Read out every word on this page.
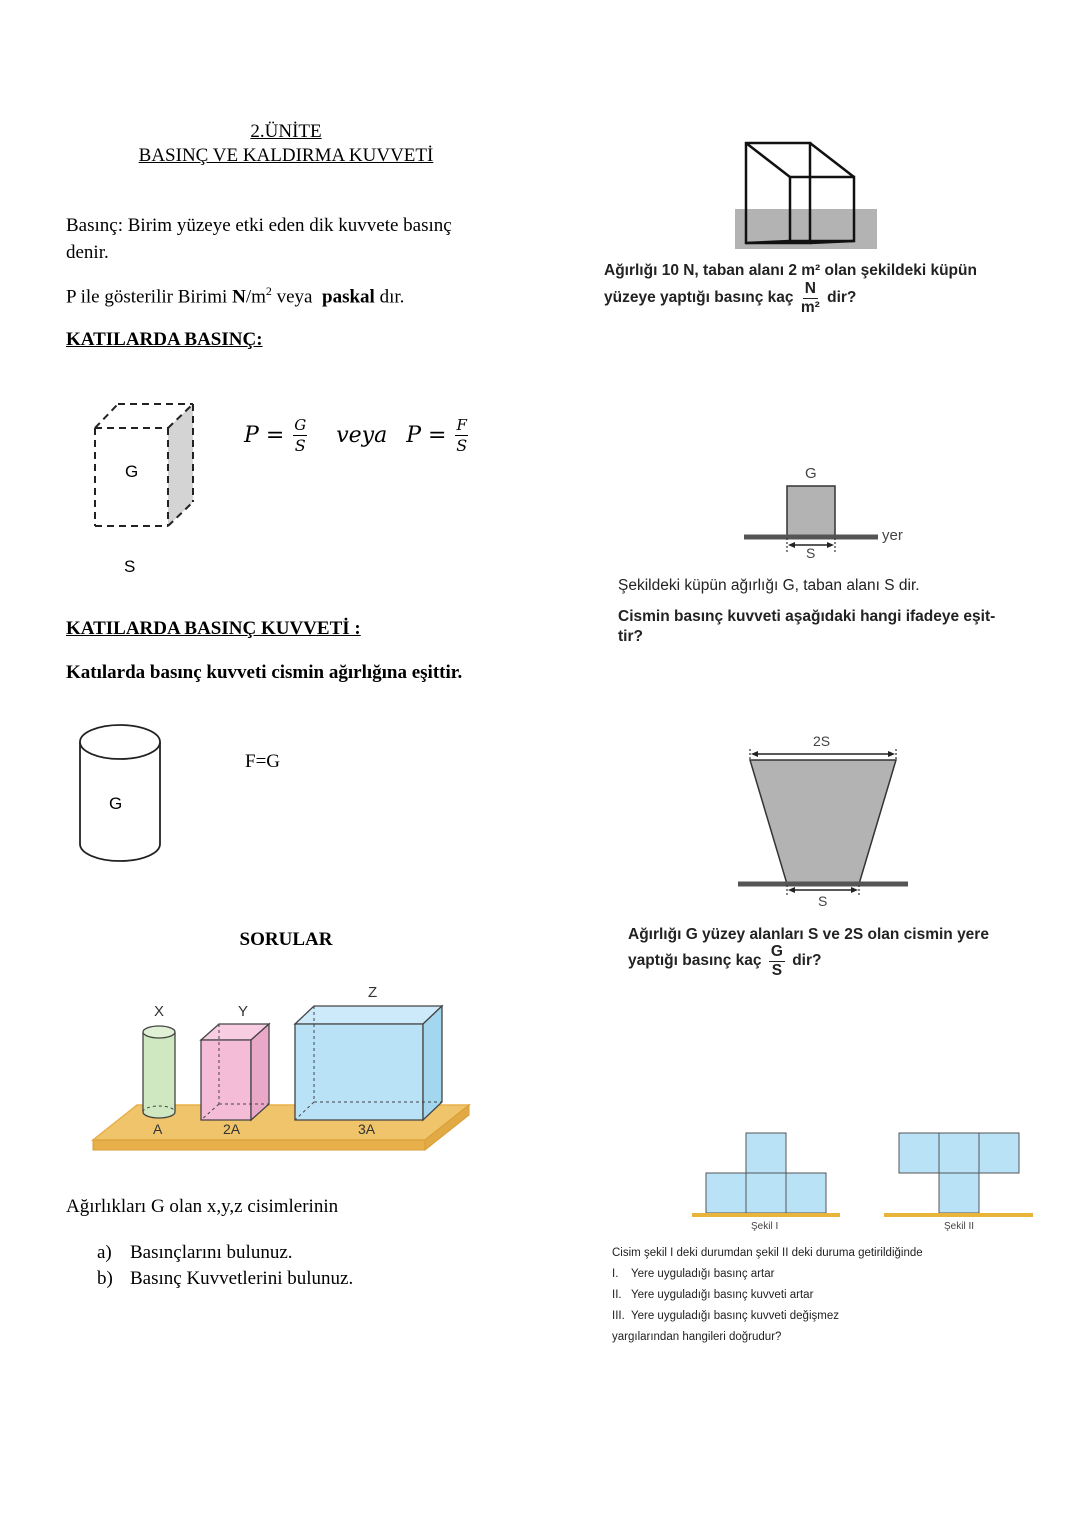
2.ÜNİTE
BASINÇ VE KALDIRMA KUVVETİ
Basınç: Birim yüzeye etki eden dik kuvvete basınç
denir.
P ile gösterilir Birimi $N/m^2$ veya  paskal dır.
KATILARDA BASINÇ:
G
S
$P = \frac{G}{S}$ veya $P = \frac{F}{S}$
KATILARDA BASINÇ KUVVETİ :
Katılarda basınç kuvveti cismin ağırlığına eşittir.
G
F=G
SORULAR
X	Y
Z
A	2A	3A
Ağırlıkları G olan x,y,z cisimlerinin
a) Basınçlarını bulunuz.
b) Basınç Kuvvetlerini bulunuz.
Ağırlığı 10 N, taban alanı 2 m² olan şekildeki küpün
yüzeye yaptığı basınç kaç $\frac{N}{\text{m²}}$ dir?
G
S
yer
Şekildeki küpün ağırlığı G, taban alanı S dir.
Cismin basınç kuvveti aşağıdaki hangi ifadeye eşit-
tir?
2S
S
Ağırlığı G yüzey alanları S ve 2S olan cismin yere
yaptığı basınç kaç $\frac{G}{S}$ dir?
Şekil I	Şekil II
Cisim şekil I deki durumdan şekil II deki duruma getirildiğinde
I. Yere uyguladığı basınç artar
II. Yere uyguladığı basınç kuvveti artar
III. Yere uyguladığı basınç kuvveti değişmez
yargılarından hangileri doğrudur?
